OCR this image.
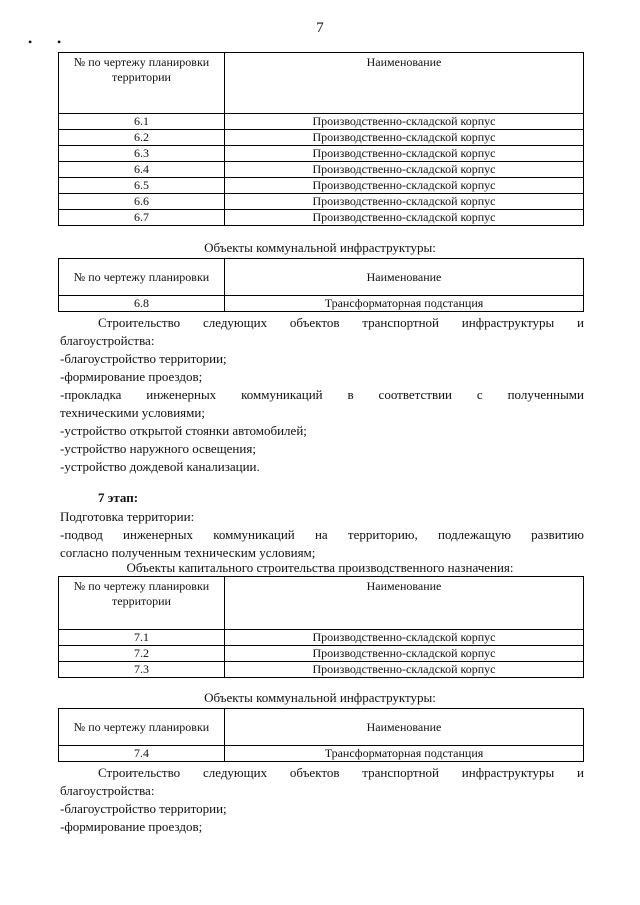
7
• •
№ по чертежу планировки территории	Наименование
6.1	Производственно-складской корпус
6.2	Производственно-складской корпус
6.3	Производственно-складской корпус
6.4	Производственно-складской корпус
6.5	Производственно-складской корпус
6.6	Производственно-складской корпус
6.7	Производственно-складской корпус
Объекты коммунальной инфраструктуры:
№ по чертежу планировки	Наименование
6.8	Трансформаторная подстанция

Строительство следующих объектов транспортной инфраструктуры и

благоустройства:

-благоустройство территории;

-формирование проездов;

-прокладка инженерных коммуникаций в соответствии с полученными

техническими условиями;

-устройство открытой стоянки автомобилей;

-устройство наружного освещения;

-устройство дождевой канализации.

7 этап:

Подготовка территории:

-подвод инженерных коммуникаций на территорию, подлежащую развитию

согласно полученным техническим условиям;

Объекты капитального строительства производственного назначения:
№ по чертежу планировки территории	Наименование
7.1	Производственно-складской корпус
7.2	Производственно-складской корпус
7.3	Производственно-складской корпус
Объекты коммунальной инфраструктуры:
№ по чертежу планировки	Наименование
7.4	Трансформаторная подстанция

Строительство следующих объектов транспортной инфраструктуры и

благоустройства:

-благоустройство территории;

-формирование проездов;
